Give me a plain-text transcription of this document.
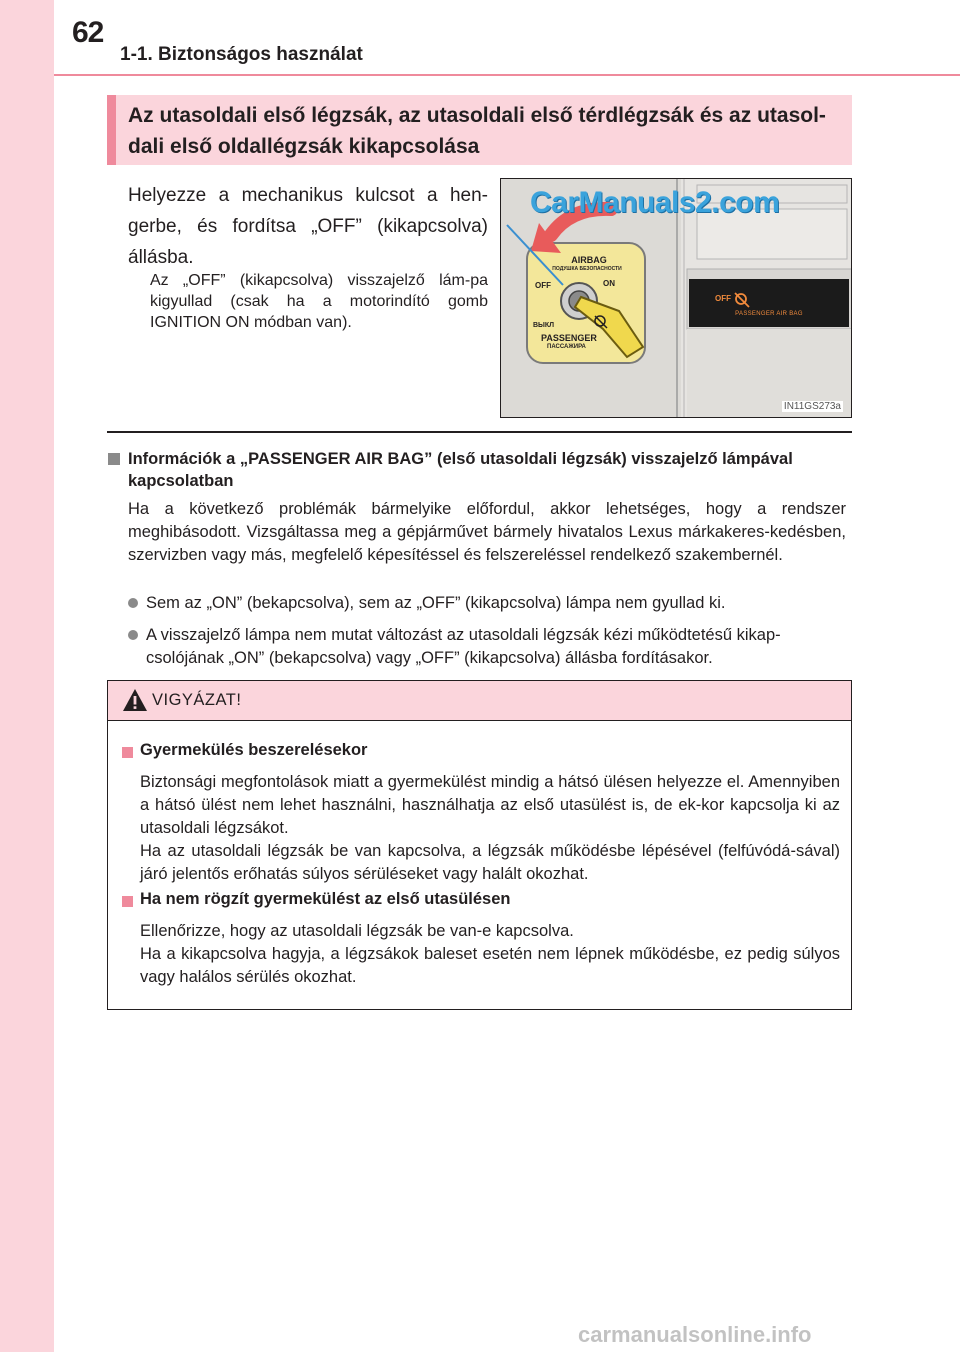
62
1-1. Biztonságos használat
Az utasoldali első légzsák, az utasoldali első térdlégzsák és az utasol-
dali első oldallégzsák kikapcsolása
Helyezze a mechanikus kulcsot a hen-gerbe, és fordítsa „OFF” (kikapcsolva) állásba.
Az „OFF” (kikapcsolva) visszajelző lám-pa kigyullad (csak ha a motorindító gomb IGNITION ON módban van).
AIRBAG
ПОДУШКА БЕЗОПАСНОСТИ
OFF	ON
ВЫКЛ
PASSENGER
ПАССАЖИРА
OFF
PASSENGER AIR BAG
IN11GS273a
CarManuals2.com
Információk a „PASSENGER AIR BAG” (első utasoldali légzsák) visszajelző lámpával
kapcsolatban
Ha a következő problémák bármelyike előfordul, akkor lehetséges, hogy a rendszer meghibásodott. Vizsgáltassa meg a gépjárművet bármely hivatalos Lexus márkakeres-kedésben, szervizben vagy más, megfelelő képesítéssel és felszereléssel rendelkező szakembernél.
Sem az „ON” (bekapcsolva), sem az „OFF” (kikapcsolva) lámpa nem gyullad ki.
A visszajelző lámpa nem mutat változást az utasoldali légzsák kézi működtetésű kikap-csolójának „ON” (bekapcsolva) vagy „OFF” (kikapcsolva) állásba fordításakor.
VIGYÁZAT!
Gyermekülés beszerelésekor
Biztonsági megfontolások miatt a gyermekülést mindig a hátsó ülésen helyezze el. Amennyiben a hátsó ülést nem lehet használni, használhatja az első utasülést is, de ek-kor kapcsolja ki az utasoldali légzsákot.
Ha az utasoldali légzsák be van kapcsolva, a légzsák működésbe lépésével (felfúvódá-sával) járó jelentős erőhatás súlyos sérüléseket vagy halált okozhat.
Ha nem rögzít gyermekülést az első utasülésen
Ellenőrizze, hogy az utasoldali légzsák be van-e kapcsolva.
Ha a kikapcsolva hagyja, a légzsákok baleset esetén nem lépnek működésbe, ez pedig súlyos vagy halálos sérülés okozhat.
carmanualsonline.info
